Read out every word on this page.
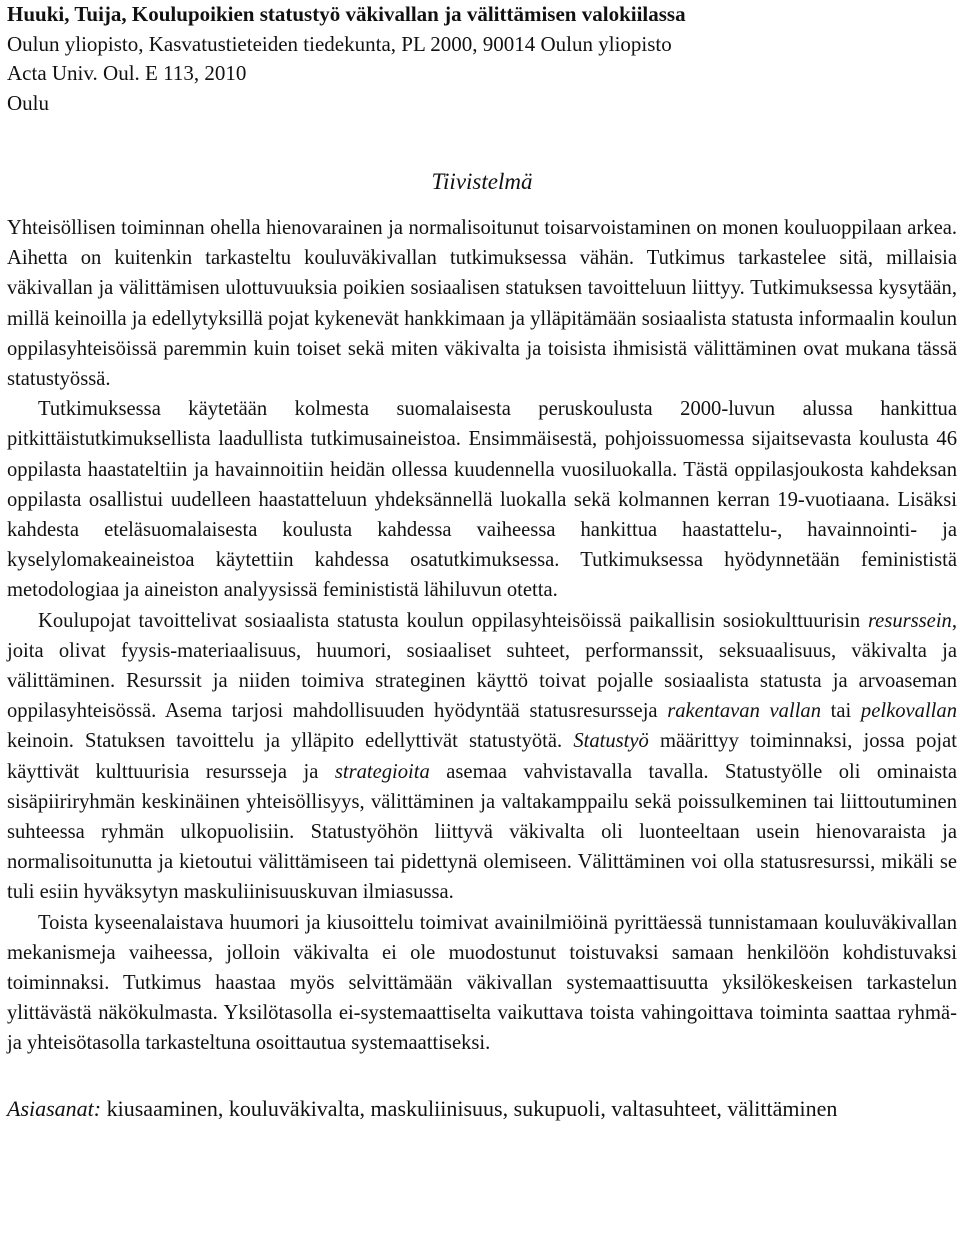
Huuki, Tuija, Koulupoikien statustyö väkivallan ja välittämisen valokiilassa
Oulun yliopisto, Kasvatustieteiden tiedekunta, PL 2000, 90014 Oulun yliopisto
Acta Univ. Oul. E 113, 2010
Oulu
Tiivistelmä

Yhteisöllisen toiminnan ohella hienovarainen ja normalisoitunut toisarvoistaminen on monen kouluoppilaan arkea. Aihetta on kuitenkin tarkasteltu kouluväkivallan tutkimuksessa vähän. Tutkimus tarkastelee sitä, millaisia väkivallan ja välittämisen ulottuvuuksia poikien sosiaalisen statuksen tavoitteluun liittyy. Tutkimuksessa kysytään, millä keinoilla ja edellytyksillä pojat kykenevät hankkimaan ja ylläpitämään sosiaalista statusta informaalin koulun oppilasyhteisöissä paremmin kuin toiset sekä miten väkivalta ja toisista ihmisistä välittäminen ovat mukana tässä statustyössä.

Tutkimuksessa käytetään kolmesta suomalaisesta peruskoulusta 2000-luvun alussa hankittua pitkittäistutkimuksellista laadullista tutkimusaineistoa. Ensimmäisestä, pohjoissuomessa sijaitsevasta koulusta 46 oppilasta haastateltiin ja havainnoitiin heidän ollessa kuudennella vuosiluokalla. Tästä oppilasjoukosta kahdeksan oppilasta osallistui uudelleen haastatteluun yhdeksännellä luokalla sekä kolmannen kerran 19-vuotiaana. Lisäksi kahdesta eteläsuomalaisesta koulusta kahdessa vaiheessa hankittua haastattelu-, havainnointi- ja kyselylomakeaineistoa käytettiin kahdessa osatutkimuksessa. Tutkimuksessa hyödynnetään feminististä metodologiaa ja aineiston analyysissä feminististä lähiluvun otetta.

Koulupojat tavoittelivat sosiaalista statusta koulun oppilasyhteisöissä paikallisin sosiokulttuurisin resurssein, joita olivat fyysis-materiaalisuus, huumori, sosiaaliset suhteet, performanssit, seksuaalisuus, väkivalta ja välittäminen. Resurssit ja niiden toimiva strateginen käyttö toivat pojalle sosiaalista statusta ja arvoaseman oppilasyhteisössä. Asema tarjosi mahdollisuuden hyödyntää statusresursseja rakentavan vallan tai pelkovallan keinoin. Statuksen tavoittelu ja ylläpito edellyttivät statustyötä. Statustyö määrittyy toiminnaksi, jossa pojat käyttivät kulttuurisia resursseja ja strategioita asemaa vahvistavalla tavalla. Statustyölle oli ominaista sisäpiiriryhmän keskinäinen yhteisöllisyys, välittäminen ja valtakamppailu sekä poissulkeminen tai liittoutuminen suhteessa ryhmän ulkopuolisiin. Statustyöhön liittyvä väkivalta oli luonteeltaan usein hienovaraista ja normalisoitunutta ja kietoutui välittämiseen tai pidettynä olemiseen. Välittäminen voi olla statusresurssi, mikäli se tuli esiin hyväksytyn maskuliinisuuskuvan ilmiasussa.

Toista kyseenalaistava huumori ja kiusoittelu toimivat avainilmiöinä pyrittäessä tunnistamaan kouluväkivallan mekanismeja vaiheessa, jolloin väkivalta ei ole muodostunut toistuvaksi samaan henkilöön kohdistuvaksi toiminnaksi. Tutkimus haastaa myös selvittämään väkivallan systemaattisuutta yksilökeskeisen tarkastelun ylittävästä näkökulmasta. Yksilötasolla ei-systemaattiselta vaikuttava toista vahingoittava toiminta saattaa ryhmä- ja yhteisötasolla tarkasteltuna osoittautua systemaattiseksi.

Asiasanat: kiusaaminen, kouluväkivalta, maskuliinisuus, sukupuoli, valtasuhteet, välittäminen
